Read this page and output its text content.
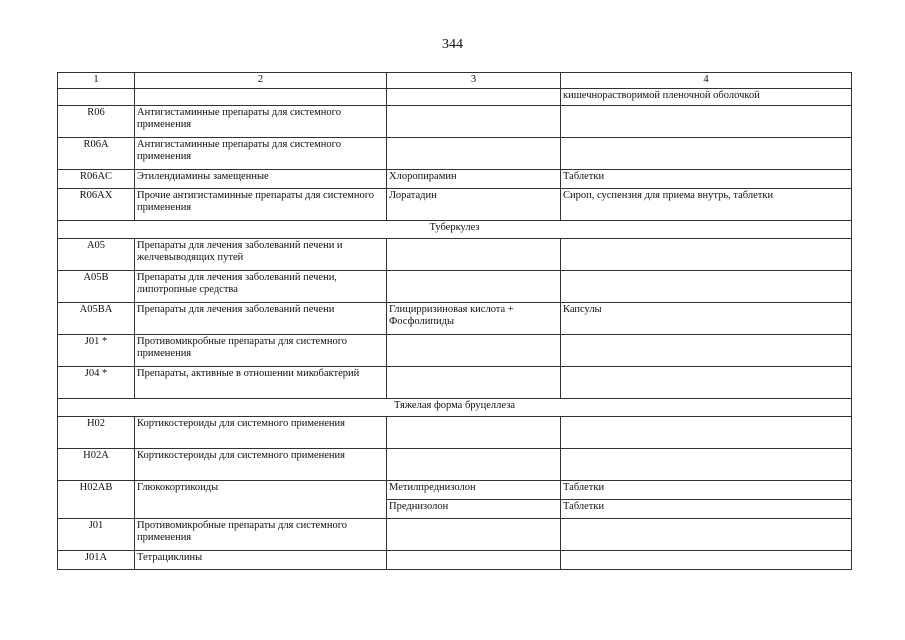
344
1	2	3	4
			кишечнорастворимой пленочной оболочкой
R06	Антигистаминные препараты для системного применения		
R06A	Антигистаминные препараты для системного применения		
R06AC	Этилендиамины замещенные	Хлоропирамин	Таблетки
R06AX	Прочие антигистаминные препараты для системного применения	Лоратадин	Сироп, суспензия для приема внутрь, таблетки
Туберкулез			
A05	Препараты для лечения заболеваний печени и желчевыводящих путей		
A05B	Препараты для лечения заболеваний печени, липотропные средства		
A05BA	Препараты для лечения заболеваний печени	Глицирризиновая кислота + Фосфолипиды	Капсулы
J01 *	Противомикробные препараты для системного применения		
J04 *	Препараты, активные в отношении микобактерий		
Тяжелая форма бруцеллеза			
H02	Кортикостероиды для системного применения		
H02A	Кортикостероиды для системного применения		
H02AB	Глюкокортикоиды	Метилпреднизолон	Таблетки
		Преднизолон	Таблетки
J01	Противомикробные препараты для системного применения		
J01A	Тетрациклины		
